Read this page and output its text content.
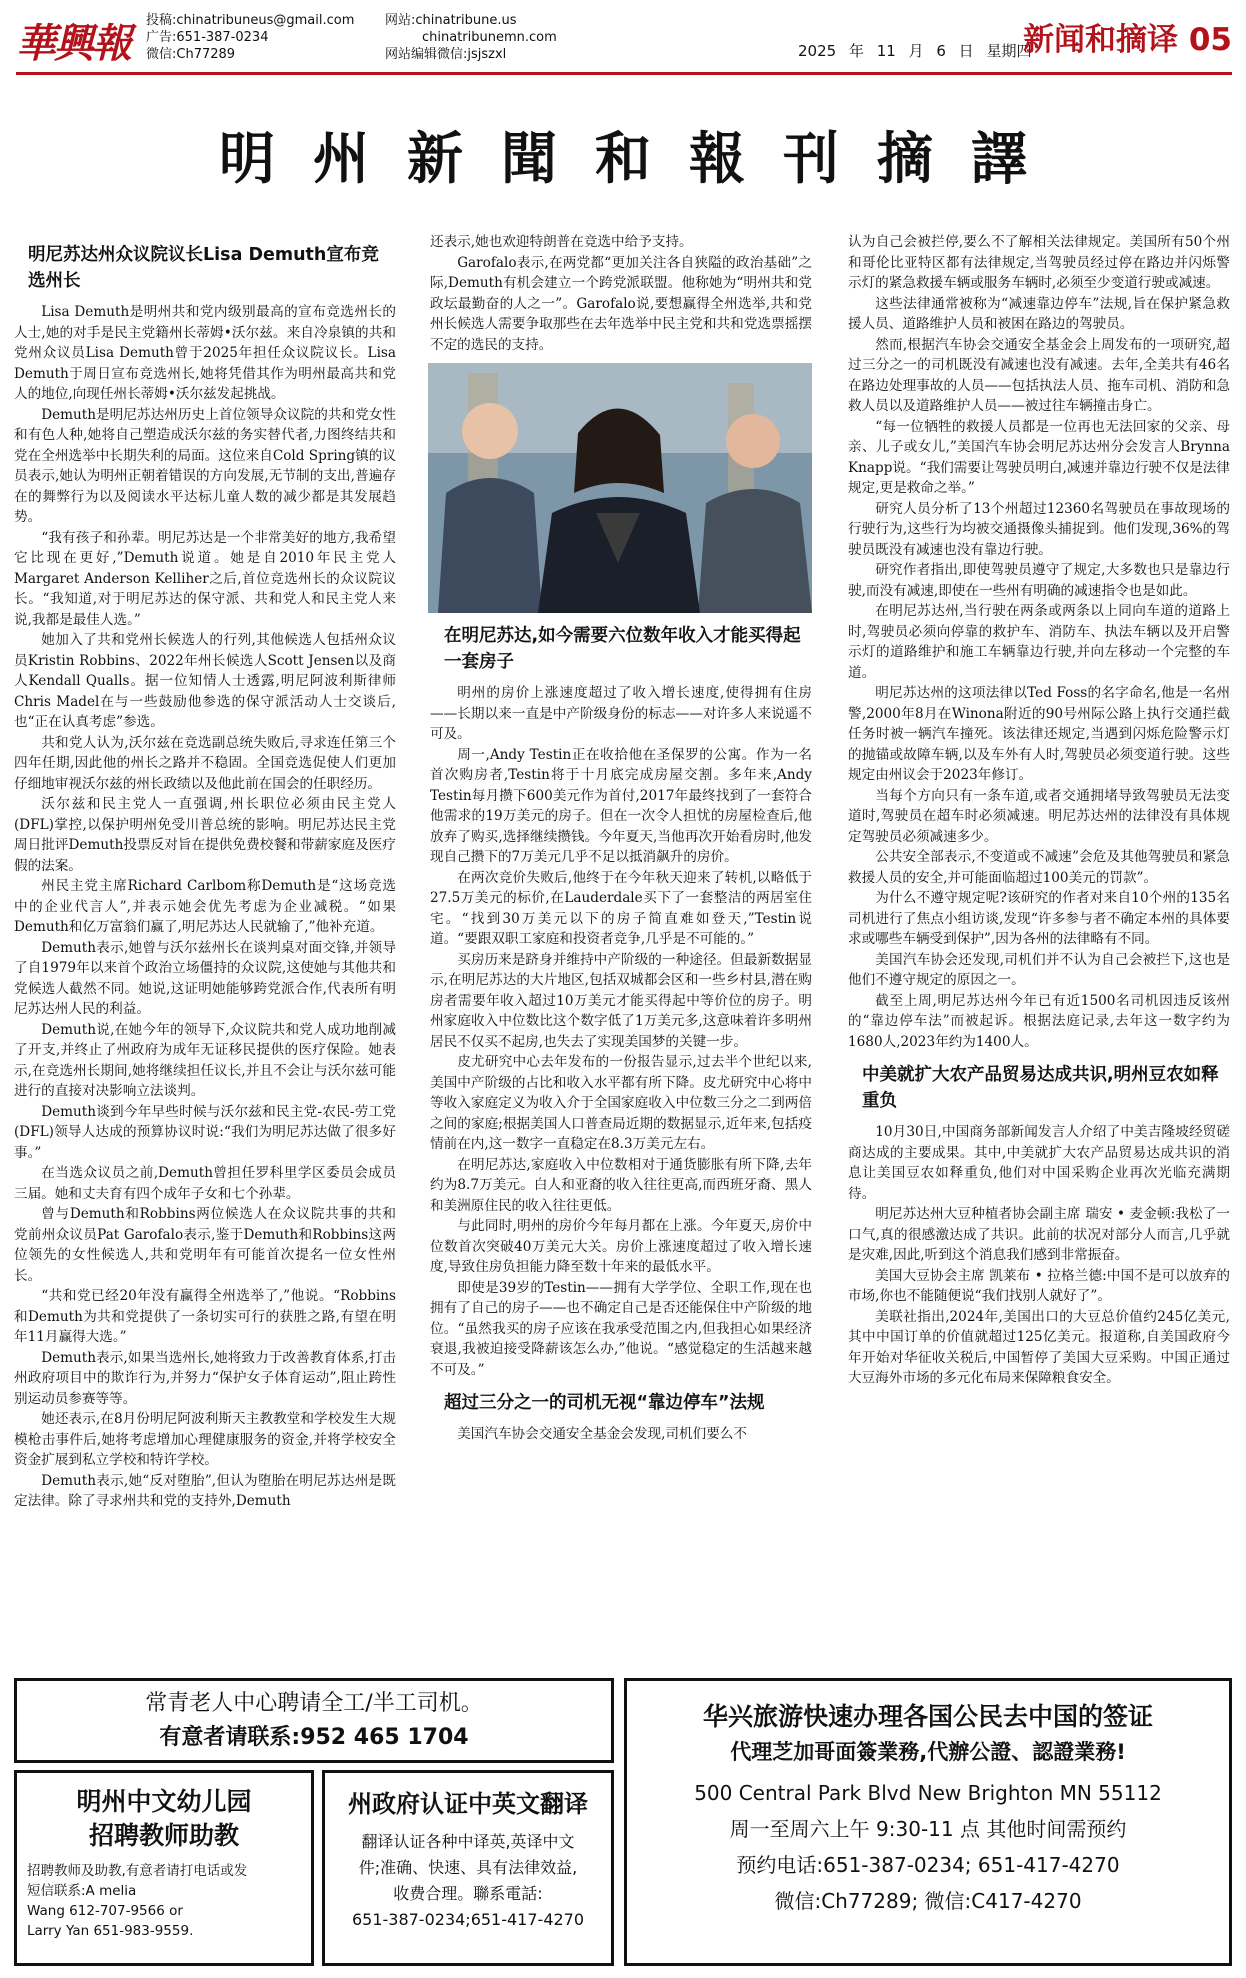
華興報
投稿:chinatribuneus@gmail.com
广告:651-387-0234
微信:Ch77289
网站:chinatribune.us
chinatribunemn.com
网站编辑微信:jsjszxl	2025 年 11 月 6 日 星期四
新闻和摘译 05
明州新聞和報刊摘譯
明尼苏达州众议院议长Lisa Demuth宣布竞选州长

Lisa Demuth是明州共和党内级别最高的宣布竞选州长的人士,她的对手是民主党籍州长蒂姆•沃尔兹。来自冷泉镇的共和党州众议员Lisa Demuth曾于2025年担任众议院议长。Lisa Demuth于周日宣布竞选州长,她将凭借其作为明州最高共和党人的地位,向现任州长蒂姆•沃尔兹发起挑战。

Demuth是明尼苏达州历史上首位领导众议院的共和党女性和有色人种,她将自己塑造成沃尔兹的务实替代者,力图终结共和党在全州选举中长期失利的局面。这位来自Cold Spring镇的议员表示,她认为明州正朝着错误的方向发展,无节制的支出,普遍存在的舞弊行为以及阅读水平达标儿童人数的减少都是其发展趋势。

“我有孩子和孙辈。明尼苏达是一个非常美好的地方,我希望它比现在更好,”Demuth说道。她是自2010年民主党人Margaret Anderson Kelliher之后,首位竞选州长的众议院议长。“我知道,对于明尼苏达的保守派、共和党人和民主党人来说,我都是最佳人选。”

她加入了共和党州长候选人的行列,其他候选人包括州众议员Kristin Robbins、2022年州长候选人Scott Jensen以及商人Kendall Qualls。据一位知情人士透露,明尼阿波利斯律师Chris Madel在与一些鼓励他参选的保守派活动人士交谈后,也“正在认真考虑”参选。

共和党人认为,沃尔兹在竞选副总统失败后,寻求连任第三个四年任期,因此他的州长之路并不稳固。全国竞选促使人们更加仔细地审视沃尔兹的州长政绩以及他此前在国会的任职经历。

沃尔兹和民主党人一直强调,州长职位必须由民主党人(DFL)掌控,以保护明州免受川普总统的影响。明尼苏达民主党周日批评Demuth投票反对旨在提供免费校餐和带薪家庭及医疗假的法案。

州民主党主席Richard Carlbom称Demuth是“这场竞选中的企业代言人”,并表示她会优先考虑为企业减税。“如果Demuth和亿万富翁们赢了,明尼苏达人民就输了,”他补充道。

Demuth表示,她曾与沃尔兹州长在谈判桌对面交锋,并领导了自1979年以来首个政治立场僵持的众议院,这使她与其他共和党候选人截然不同。她说,这证明她能够跨党派合作,代表所有明尼苏达州人民的利益。

Demuth说,在她今年的领导下,众议院共和党人成功地削减了开支,并终止了州政府为成年无证移民提供的医疗保险。她表示,在竞选州长期间,她将继续担任议长,并且不会让与沃尔兹可能进行的直接对决影响立法谈判。

Demuth谈到今年早些时候与沃尔兹和民主党-农民-劳工党(DFL)领导人达成的预算协议时说:“我们为明尼苏达做了很多好事。”

在当选众议员之前,Demuth曾担任罗科里学区委员会成员三届。她和丈夫育有四个成年子女和七个孙辈。

曾与Demuth和Robbins两位候选人在众议院共事的共和党前州众议员Pat Garofalo表示,鉴于Demuth和Robbins这两位领先的女性候选人,共和党明年有可能首次提名一位女性州长。

“共和党已经20年没有赢得全州选举了,”他说。“Robbins和Demuth为共和党提供了一条切实可行的获胜之路,有望在明年11月赢得大选。”

Demuth表示,如果当选州长,她将致力于改善教育体系,打击州政府项目中的欺诈行为,并努力“保护女子体育运动”,阻止跨性别运动员参赛等等。

她还表示,在8月份明尼阿波利斯天主教教堂和学校发生大规模枪击事件后,她将考虑增加心理健康服务的资金,并将学校安全资金扩展到私立学校和特许学校。

Demuth表示,她“反对堕胎”,但认为堕胎在明尼苏达州是既定法律。除了寻求州共和党的支持外,Demuth

还表示,她也欢迎特朗普在竞选中给予支持。

Garofalo表示,在两党都“更加关注各自狭隘的政治基础”之际,Demuth有机会建立一个跨党派联盟。他称她为“明州共和党政坛最勤奋的人之一”。Garofalo说,要想赢得全州选举,共和党州长候选人需要争取那些在去年选举中民主党和共和党选票摇摆不定的选民的支持。

在明尼苏达,如今需要六位数年收入才能买得起一套房子

明州的房价上涨速度超过了收入增长速度,使得拥有住房——长期以来一直是中产阶级身份的标志——对许多人来说遥不可及。

周一,Andy Testin正在收拾他在圣保罗的公寓。作为一名首次购房者,Testin将于十月底完成房屋交割。多年来,Andy Testin每月攒下600美元作为首付,2017年最终找到了一套符合他需求的19万美元的房子。但在一次令人担忧的房屋检查后,他放弃了购买,选择继续攒钱。今年夏天,当他再次开始看房时,他发现自己攒下的7万美元几乎不足以抵消飙升的房价。

在两次竞价失败后,他终于在今年秋天迎来了转机,以略低于27.5万美元的标价,在Lauderdale买下了一套整洁的两居室住宅。“找到30万美元以下的房子简直难如登天,”Testin说道。“要跟双职工家庭和投资者竞争,几乎是不可能的。”

买房历来是跻身并维持中产阶级的一种途径。但最新数据显示,在明尼苏达的大片地区,包括双城都会区和一些乡村县,潜在购房者需要年收入超过10万美元才能买得起中等价位的房子。明州家庭收入中位数比这个数字低了1万美元多,这意味着许多明州居民不仅买不起房,也失去了实现美国梦的关键一步。

皮尤研究中心去年发布的一份报告显示,过去半个世纪以来,美国中产阶级的占比和收入水平都有所下降。皮尤研究中心将中等收入家庭定义为收入介于全国家庭收入中位数三分之二到两倍之间的家庭;根据美国人口普查局近期的数据显示,近年来,包括疫情前在内,这一数字一直稳定在8.3万美元左右。

在明尼苏达,家庭收入中位数相对于通货膨胀有所下降,去年约为8.7万美元。白人和亚裔的收入往往更高,而西班牙裔、黑人和美洲原住民的收入往往更低。

与此同时,明州的房价今年每月都在上涨。今年夏天,房价中位数首次突破40万美元大关。房价上涨速度超过了收入增长速度,导致住房负担能力降至数十年来的最低水平。

即使是39岁的Testin——拥有大学学位、全职工作,现在也拥有了自己的房子——也不确定自己是否还能保住中产阶级的地位。“虽然我买的房子应该在我承受范围之内,但我担心如果经济衰退,我被迫接受降薪该怎么办,”他说。“感觉稳定的生活越来越不可及。”

超过三分之一的司机无视“靠边停车”法规

美国汽车协会交通安全基金会发现,司机们要么不

认为自己会被拦停,要么不了解相关法律规定。美国所有50个州和哥伦比亚特区都有法律规定,当驾驶员经过停在路边并闪烁警示灯的紧急救援车辆或服务车辆时,必须至少变道行驶或减速。

这些法律通常被称为“减速靠边停车”法规,旨在保护紧急救援人员、道路维护人员和被困在路边的驾驶员。

然而,根据汽车协会交通安全基金会上周发布的一项研究,超过三分之一的司机既没有减速也没有减速。去年,全美共有46名在路边处理事故的人员——包括执法人员、拖车司机、消防和急救人员以及道路维护人员——被过往车辆撞击身亡。

“每一位牺牲的救援人员都是一位再也无法回家的父亲、母亲、儿子或女儿,”美国汽车协会明尼苏达州分会发言人Brynna Knapp说。“我们需要让驾驶员明白,减速并靠边行驶不仅是法律规定,更是救命之举。”

研究人员分析了13个州超过12360名驾驶员在事故现场的行驶行为,这些行为均被交通摄像头捕捉到。他们发现,36%的驾驶员既没有减速也没有靠边行驶。

研究作者指出,即使驾驶员遵守了规定,大多数也只是靠边行驶,而没有减速,即使在一些州有明确的减速指令也是如此。

在明尼苏达州,当行驶在两条或两条以上同向车道的道路上时,驾驶员必须向停靠的救护车、消防车、执法车辆以及开启警示灯的道路维护和施工车辆靠边行驶,并向左移动一个完整的车道。

明尼苏达州的这项法律以Ted Foss的名字命名,他是一名州警,2000年8月在Winona附近的90号州际公路上执行交通拦截任务时被一辆汽车撞死。该法律还规定,当遇到闪烁危险警示灯的抛锚或故障车辆,以及车外有人时,驾驶员必须变道行驶。这些规定由州议会于2023年修订。

当每个方向只有一条车道,或者交通拥堵导致驾驶员无法变道时,驾驶员在超车时必须减速。明尼苏达州的法律没有具体规定驾驶员必须减速多少。

公共安全部表示,不变道或不减速”会危及其他驾驶员和紧急救援人员的安全,并可能面临超过100美元的罚款”。

为什么不遵守规定呢?该研究的作者对来自10个州的135名司机进行了焦点小组访谈,发现“许多参与者不确定本州的具体要求或哪些车辆受到保护”,因为各州的法律略有不同。

美国汽车协会还发现,司机们并不认为自己会被拦下,这也是他们不遵守规定的原因之一。

截至上周,明尼苏达州今年已有近1500名司机因违反该州的“靠边停车法”而被起诉。根据法庭记录,去年这一数字约为1680人,2023年约为1400人。

中美就扩大农产品贸易达成共识,明州豆农如释重负

10月30日,中国商务部新闻发言人介绍了中美吉隆坡经贸磋商达成的主要成果。其中,中美就扩大农产品贸易达成共识的消息让美国豆农如释重负,他们对中国采购企业再次光临充满期待。

明尼苏达州大豆种植者协会副主席 瑞安 • 麦金顿:我松了一口气,真的很感激达成了共识。此前的状况对部分人而言,几乎就是灾难,因此,听到这个消息我们感到非常振奋。

美国大豆协会主席 凯莱布 • 拉格兰德:中国不是可以放弃的市场,你也不能随便说“我们找别人就好了”。

美联社指出,2024年,美国出口的大豆总价值约245亿美元,其中中国订单的价值就超过125亿美元。报道称,自美国政府今年开始对华征收关税后,中国暂停了美国大豆采购。中国正通过大豆海外市场的多元化布局来保障粮食安全。

常青老人中心聘请全工/半工司机。
有意者请联系:952 465 1704
明州中文幼儿园
招聘教师助教
招聘教师及助教,有意者请打电话或发
短信联系:A melia
Wang 612-707-9566 or
Larry Yan 651-983-9559.
州政府认证中英文翻译
翻译认证各种中译英,英译中文
件;准确、快速、具有法律效益,
收费合理。聯系電話:
651-387-0234;651-417-4270
华兴旅游快速办理各国公民去中国的签证
代理芝加哥面簽業務,代辦公證、認證業務!
500 Central Park Blvd New Brighton MN 55112
周一至周六上午 9:30-11 点 其他时间需预约
预约电话:651-387-0234; 651-417-4270
微信:Ch77289; 微信:C417-4270
